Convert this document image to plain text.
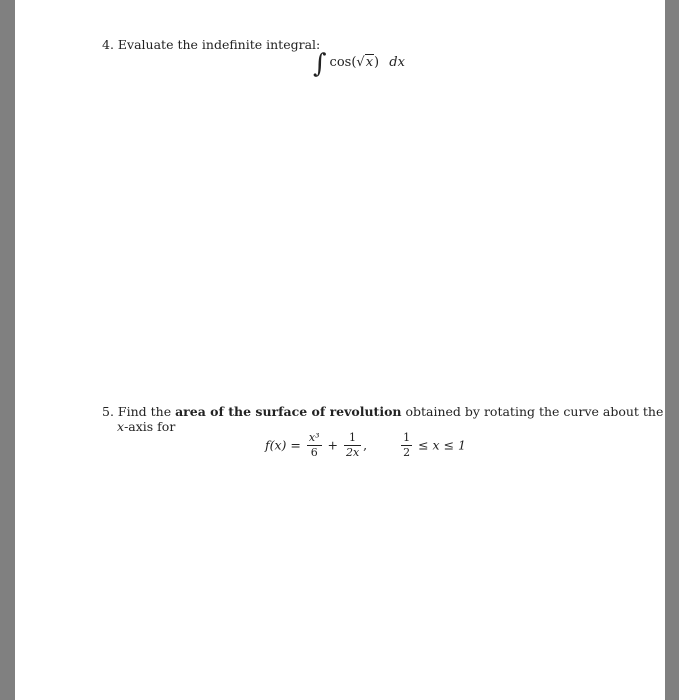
4. Evaluate the indefinite integral:
∫ cos(√x) dx
5. Find the area of the surface of revolution obtained by rotating the curve about the
x-axis for
$f(x) = \frac{\text{x³}}{6} + \frac{1}{2x}$ ,	$\frac{1}{2} \le x \le 1$
